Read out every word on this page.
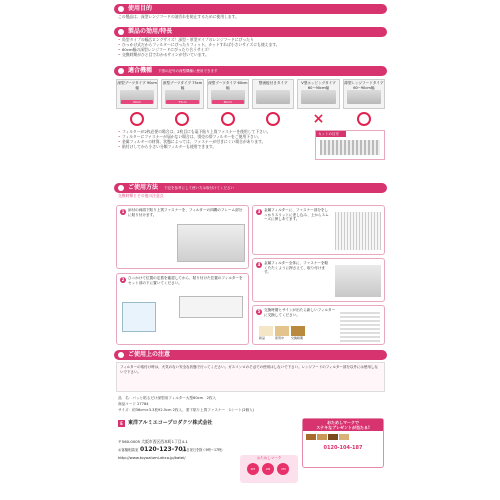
使用目的
この製品は、深型レンジフードの油汚れを防止するために使用します。
製品の効用/特長
• 角型タイプの幅広ロングサイズ！深型・厚型タイプのレンジフードにぴったり
• ひっかけ式だからフィルターにぴったりフィット。カットすれば小さいサイズにも使えます。
• 60cm幅の深型レンジフードにぴったり合うサイズ！
• 交換時期がひと目でわかるサインが付いています。
適合機種 下図の記号の深型機種に使用できます
深型ブーツタイプ 90cm幅
90cm
深型ブーツタイプ 75cm幅
75cm
深型ブーツタイプ 60cm幅
60cm
整流板付きタイプ	V型ホッピングタイプ 60~90cm幅
薄型レンジフードタイプ 60~90cm幅
×
• フィルターが2枚必要の場合は、2枚目にも裏下貼り上質ファスナーを使用して下さい。
• フィルターにファスナーが届かない場合は、別売の帯フィルターをご使用下さい。
• 金属フィルターの材質、状態によっては、ファスナーが付きにくい場合があります。
• 貼付けしてから小さい分類フィルターも使用できます。
カットの目安
ご使用方法 下記を参考にして使い方は取付けてください
交換時期とその他の注意点
1	添付の両面下貼り上質ファスナーを、フィルターの四隅のフレーム部分に貼り付けます。
2	ひっかけて位置の定着を確認してから、貼り付けた位置のフィルターをセット部の下に置いてください。
3	金属フィルターに、ファスナー部分をしっかりスリットに差し込み、上からスムーズに押しあてます。
4	金属フィルター全体に、ファスナーを軽くたたくように押さえて、取り付けます。
5	交換時期とサインが出たら新しいフィルターに交換してください。
新品	使用中	交換時期
ご使用上の注意
フィルターの取付け時は、火気のない安全な状態で行ってください。ガスコンロのそばでの使用はしないで下さい。レンジフードのフィルター部分以外には使用しないで下さい。
品　名：パッと貼るだけ深型用フィルター大型60cm　2枚入
商品コード 27784
サイズ：約36cm×3.3枚92.5cm 2枚入、業下貼り上質ファスナー　1シート(2個入)
E	東洋アルミエコープロダクツ株式会社
〒560-0005 大阪市西区西本町1丁目4-1
お客様相談室 0120-123-701
(土日祝日を除く9時～17時)
http://www.toyoalumi-ekco.jp/katei/	おためしマーク
2M	2M	2M
おためしマークで
ステキなプレゼントが当たる!
0120-104-187
